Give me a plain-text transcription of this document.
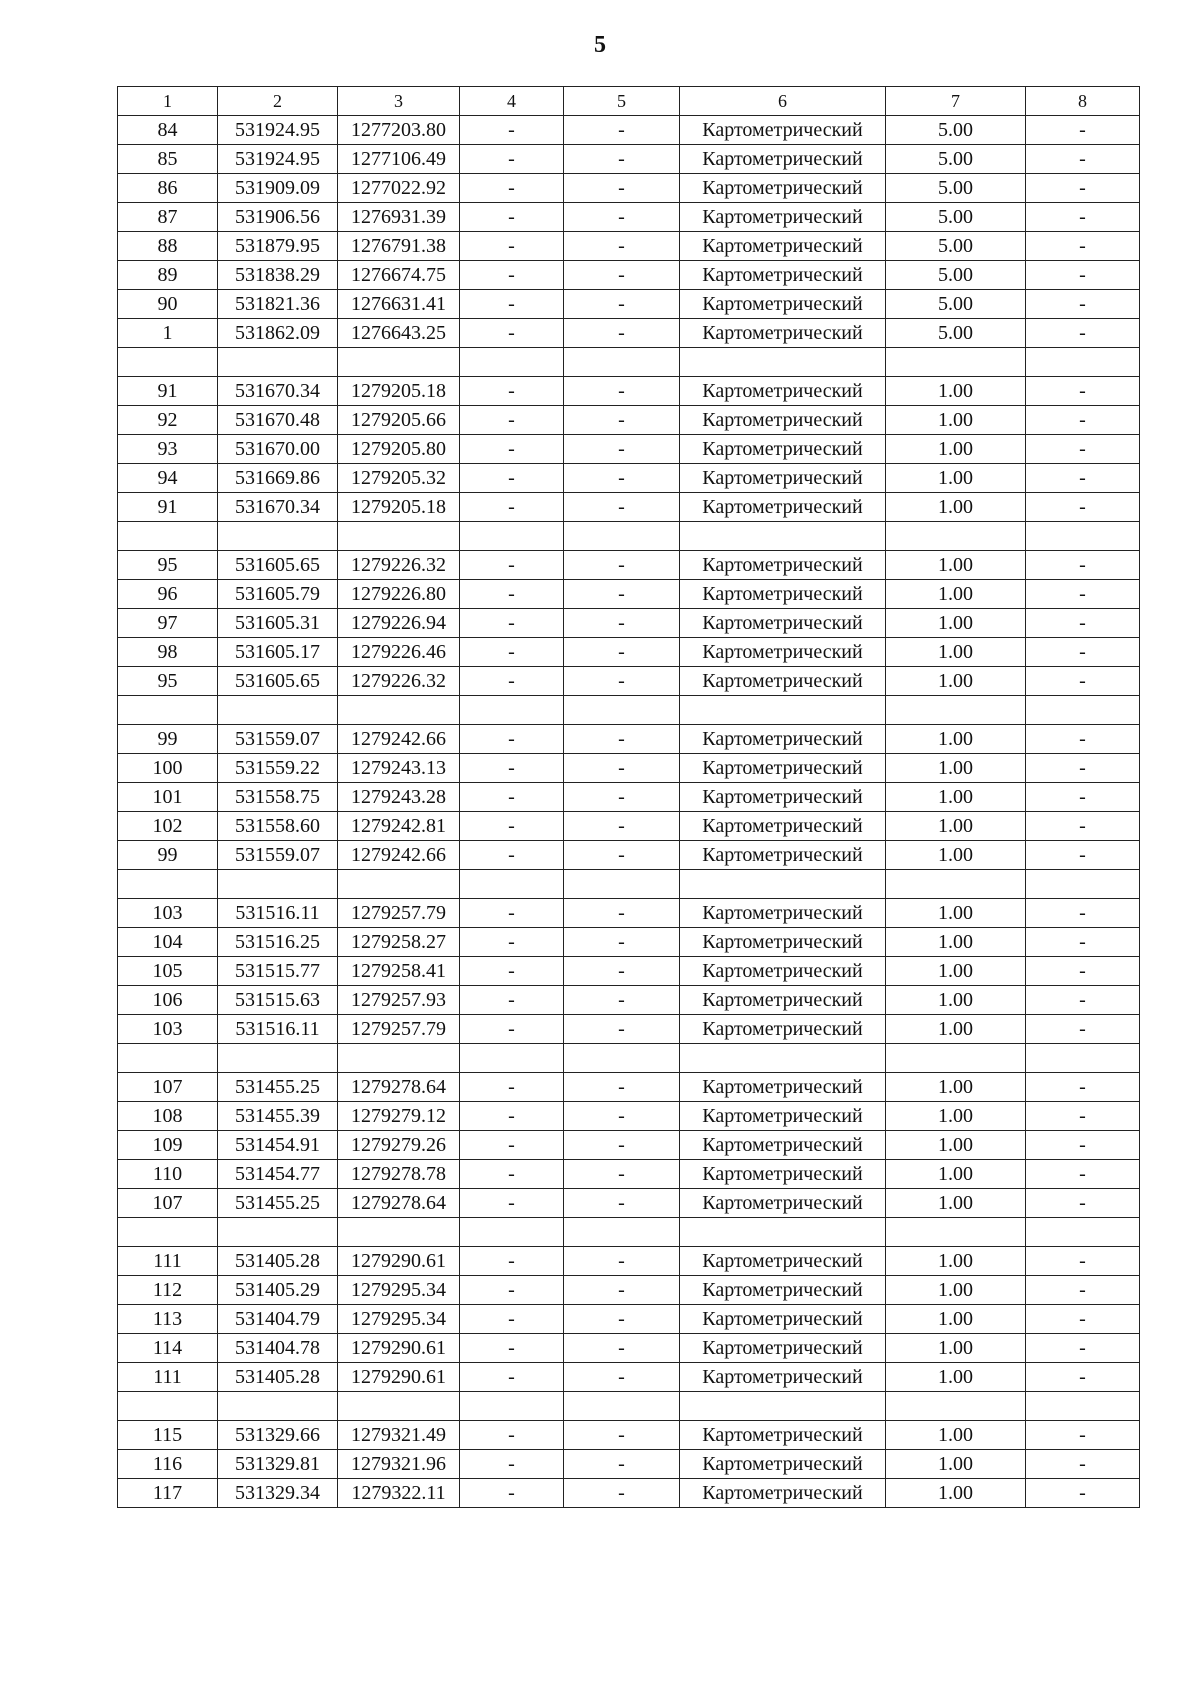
5
1	2	3	4	5	6	7	8
84	531924.95	1277203.80	-	-	Картометрический	5.00	-
85	531924.95	1277106.49	-	-	Картометрический	5.00	-
86	531909.09	1277022.92	-	-	Картометрический	5.00	-
87	531906.56	1276931.39	-	-	Картометрический	5.00	-
88	531879.95	1276791.38	-	-	Картометрический	5.00	-
89	531838.29	1276674.75	-	-	Картометрический	5.00	-
90	531821.36	1276631.41	-	-	Картометрический	5.00	-
1	531862.09	1276643.25	-	-	Картометрический	5.00	-

91	531670.34	1279205.18	-	-	Картометрический	1.00	-
92	531670.48	1279205.66	-	-	Картометрический	1.00	-
93	531670.00	1279205.80	-	-	Картометрический	1.00	-
94	531669.86	1279205.32	-	-	Картометрический	1.00	-
91	531670.34	1279205.18	-	-	Картометрический	1.00	-

95	531605.65	1279226.32	-	-	Картометрический	1.00	-
96	531605.79	1279226.80	-	-	Картометрический	1.00	-
97	531605.31	1279226.94	-	-	Картометрический	1.00	-
98	531605.17	1279226.46	-	-	Картометрический	1.00	-
95	531605.65	1279226.32	-	-	Картометрический	1.00	-

99	531559.07	1279242.66	-	-	Картометрический	1.00	-
100	531559.22	1279243.13	-	-	Картометрический	1.00	-
101	531558.75	1279243.28	-	-	Картометрический	1.00	-
102	531558.60	1279242.81	-	-	Картометрический	1.00	-
99	531559.07	1279242.66	-	-	Картометрический	1.00	-

103	531516.11	1279257.79	-	-	Картометрический	1.00	-
104	531516.25	1279258.27	-	-	Картометрический	1.00	-
105	531515.77	1279258.41	-	-	Картометрический	1.00	-
106	531515.63	1279257.93	-	-	Картометрический	1.00	-
103	531516.11	1279257.79	-	-	Картометрический	1.00	-

107	531455.25	1279278.64	-	-	Картометрический	1.00	-
108	531455.39	1279279.12	-	-	Картометрический	1.00	-
109	531454.91	1279279.26	-	-	Картометрический	1.00	-
110	531454.77	1279278.78	-	-	Картометрический	1.00	-
107	531455.25	1279278.64	-	-	Картометрический	1.00	-

111	531405.28	1279290.61	-	-	Картометрический	1.00	-
112	531405.29	1279295.34	-	-	Картометрический	1.00	-
113	531404.79	1279295.34	-	-	Картометрический	1.00	-
114	531404.78	1279290.61	-	-	Картометрический	1.00	-
111	531405.28	1279290.61	-	-	Картометрический	1.00	-

115	531329.66	1279321.49	-	-	Картометрический	1.00	-
116	531329.81	1279321.96	-	-	Картометрический	1.00	-
117	531329.34	1279322.11	-	-	Картометрический	1.00	-
